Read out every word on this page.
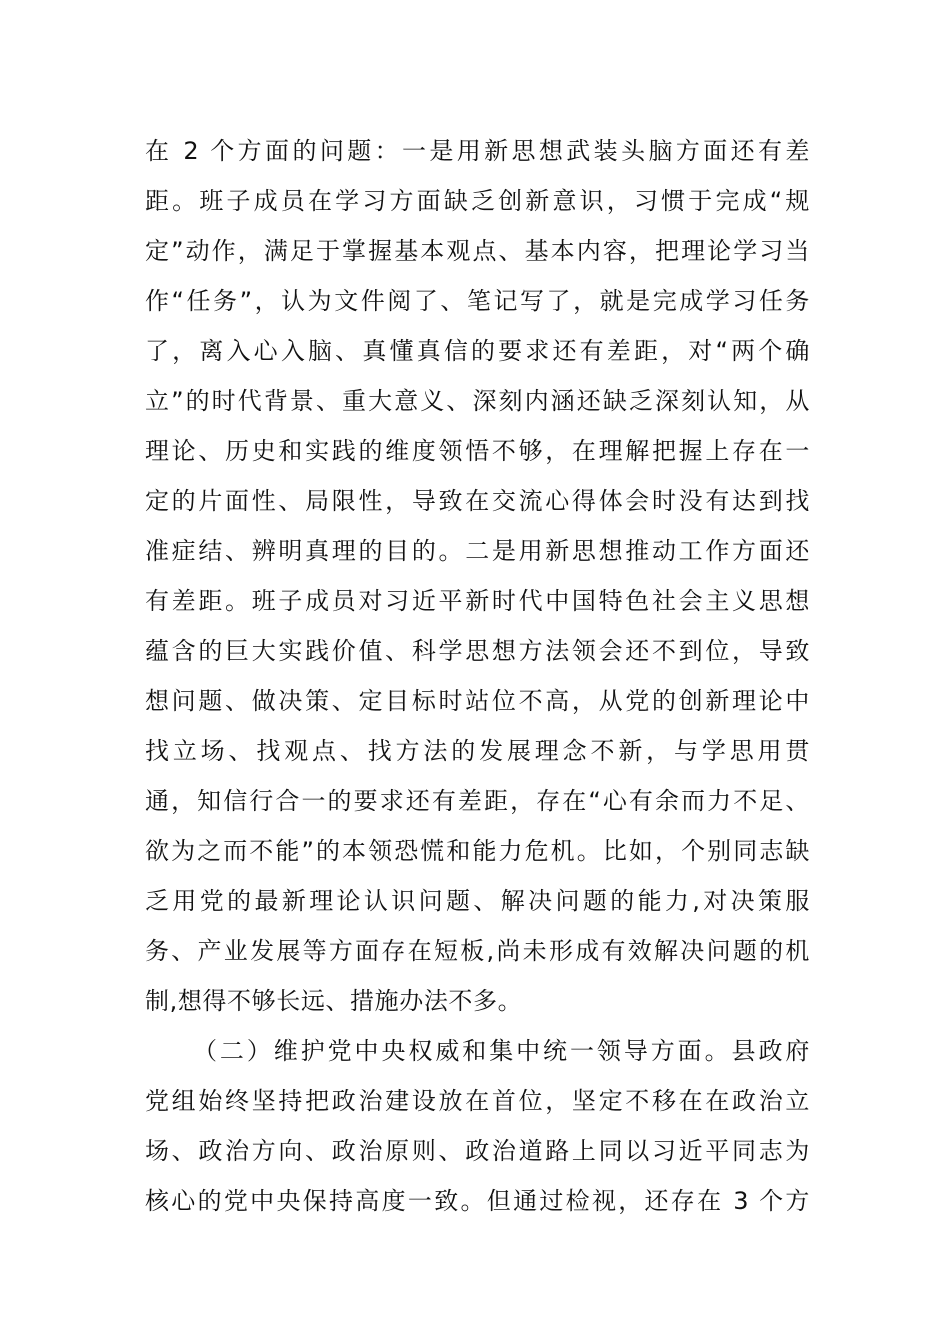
在 2 个方面的问题：一是用新思想武装头脑方面还有差
距。班子成员在学习方面缺乏创新意识，习惯于完成“规
定”动作，满足于掌握基本观点、基本内容，把理论学习当
作“任务”，认为文件阅了、笔记写了，就是完成学习任务
了，离入心入脑、真懂真信的要求还有差距，对“两个确
立”的时代背景、重大意义、深刻内涵还缺乏深刻认知，从
理论、历史和实践的维度领悟不够，在理解把握上存在一
定的片面性、局限性，导致在交流心得体会时没有达到找
准症结、辨明真理的目的。二是用新思想推动工作方面还
有差距。班子成员对习近平新时代中国特色社会主义思想
蕴含的巨大实践价值、科学思想方法领会还不到位，导致
想问题、做决策、定目标时站位不高，从党的创新理论中
找立场、找观点、找方法的发展理念不新，与学思用贯
通，知信行合一的要求还有差距，存在“心有余而力不足、
欲为之而不能”的本领恐慌和能力危机。比如，个别同志缺
乏用党的最新理论认识问题、解决问题的能力,对决策服
务、产业发展等方面存在短板,尚未形成有效解决问题的机
制,想得不够长远、措施办法不多。
（二）维护党中央权威和集中统一领导方面。县政府
党组始终坚持把政治建设放在首位，坚定不移在在政治立
场、政治方向、政治原则、政治道路上同以习近平同志为
核心的党中央保持高度一致。但通过检视，还存在 3 个方
